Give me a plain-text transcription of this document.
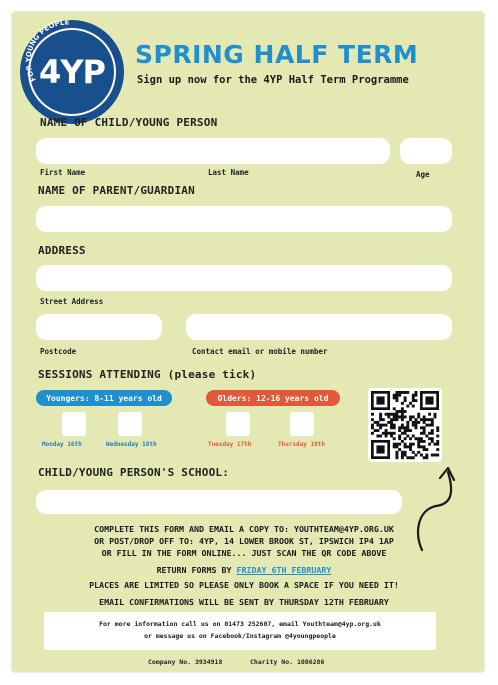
FOR YOUNG PEOPLE
4YP	SPRING HALF TERM
Sign up now for the 4YP Half Term Programme
NAME OF CHILD/YOUNG PERSON
First Name	Last Name	Age
NAME OF PARENT/GUARDIAN
ADDRESS
Street Address
Postcode	Contact email or mobile number
SESSIONS ATTENDING (please tick)
Youngers: 8-11 years old	Olders: 12-16 years old
Monday 16th	Wednesday 18th	Tuesday 17th	Thursday 19th
CHILD/YOUNG PERSON'S SCHOOL:
COMPLETE THIS FORM AND EMAIL A COPY TO: YOUTHTEAM@4YP.ORG.UK
OR POST/DROP OFF TO: 4YP, 14 LOWER BROOK ST, IPSWICH IP4 1AP
OR FILL IN THE FORM ONLINE... JUST SCAN THE QR CODE ABOVE
RETURN FORMS BY FRIDAY 6TH FEBRUARY
PLACES ARE LIMITED SO PLEASE ONLY BOOK A SPACE IF YOU NEED IT!
EMAIL CONFIRMATIONS WILL BE SENT BY THURSDAY 12TH FEBRUARY
For more information call us on 01473 252607, email Youthteam@4yp.org.uk
or message us on Facebook/Instagram @4youngpeople
Company No. 3934918	Charity No. 1086286
